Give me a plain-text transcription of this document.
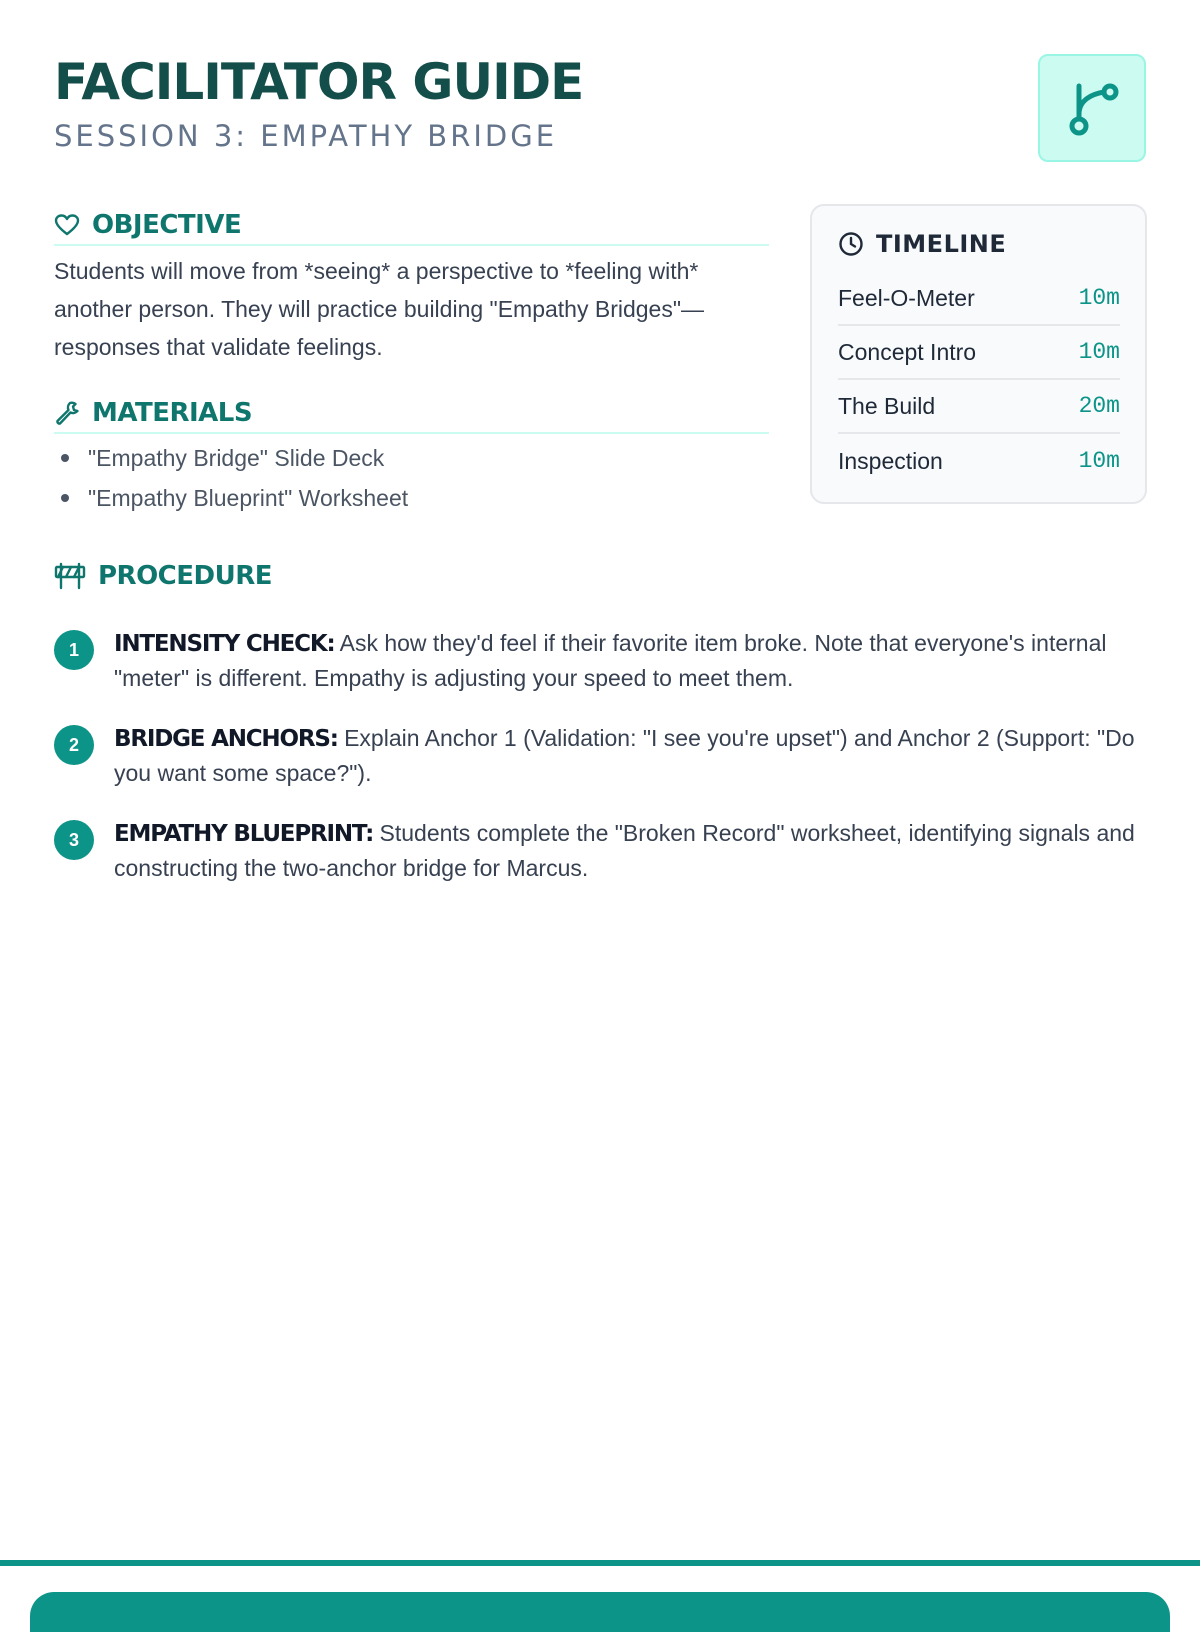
FACILITATOR GUIDE
SESSION 3: EMPATHY BRIDGE
OBJECTIVE

Students will move from *seeing* a perspective to *feeling with* another person. They will practice building "Empathy Bridges"—responses that validate feelings.

MATERIALS
"Empathy Bridge" Slide Deck
"Empathy Blueprint" Worksheet
TIMELINE
Feel-O-Meter	10m
Concept Intro	10m
The Build	20m
Inspection	10m
PROCEDURE
1	INTENSITY CHECK: Ask how they'd feel if their favorite item broke. Note that everyone's internal "meter" is different. Empathy is adjusting your speed to meet them.

2	BRIDGE ANCHORS: Explain Anchor 1 (Validation: "I see you're upset") and Anchor 2 (Support: "Do you want some space?").

3	EMPATHY BLUEPRINT: Students complete the "Broken Record" worksheet, identifying signals and constructing the two-anchor bridge for Marcus.
